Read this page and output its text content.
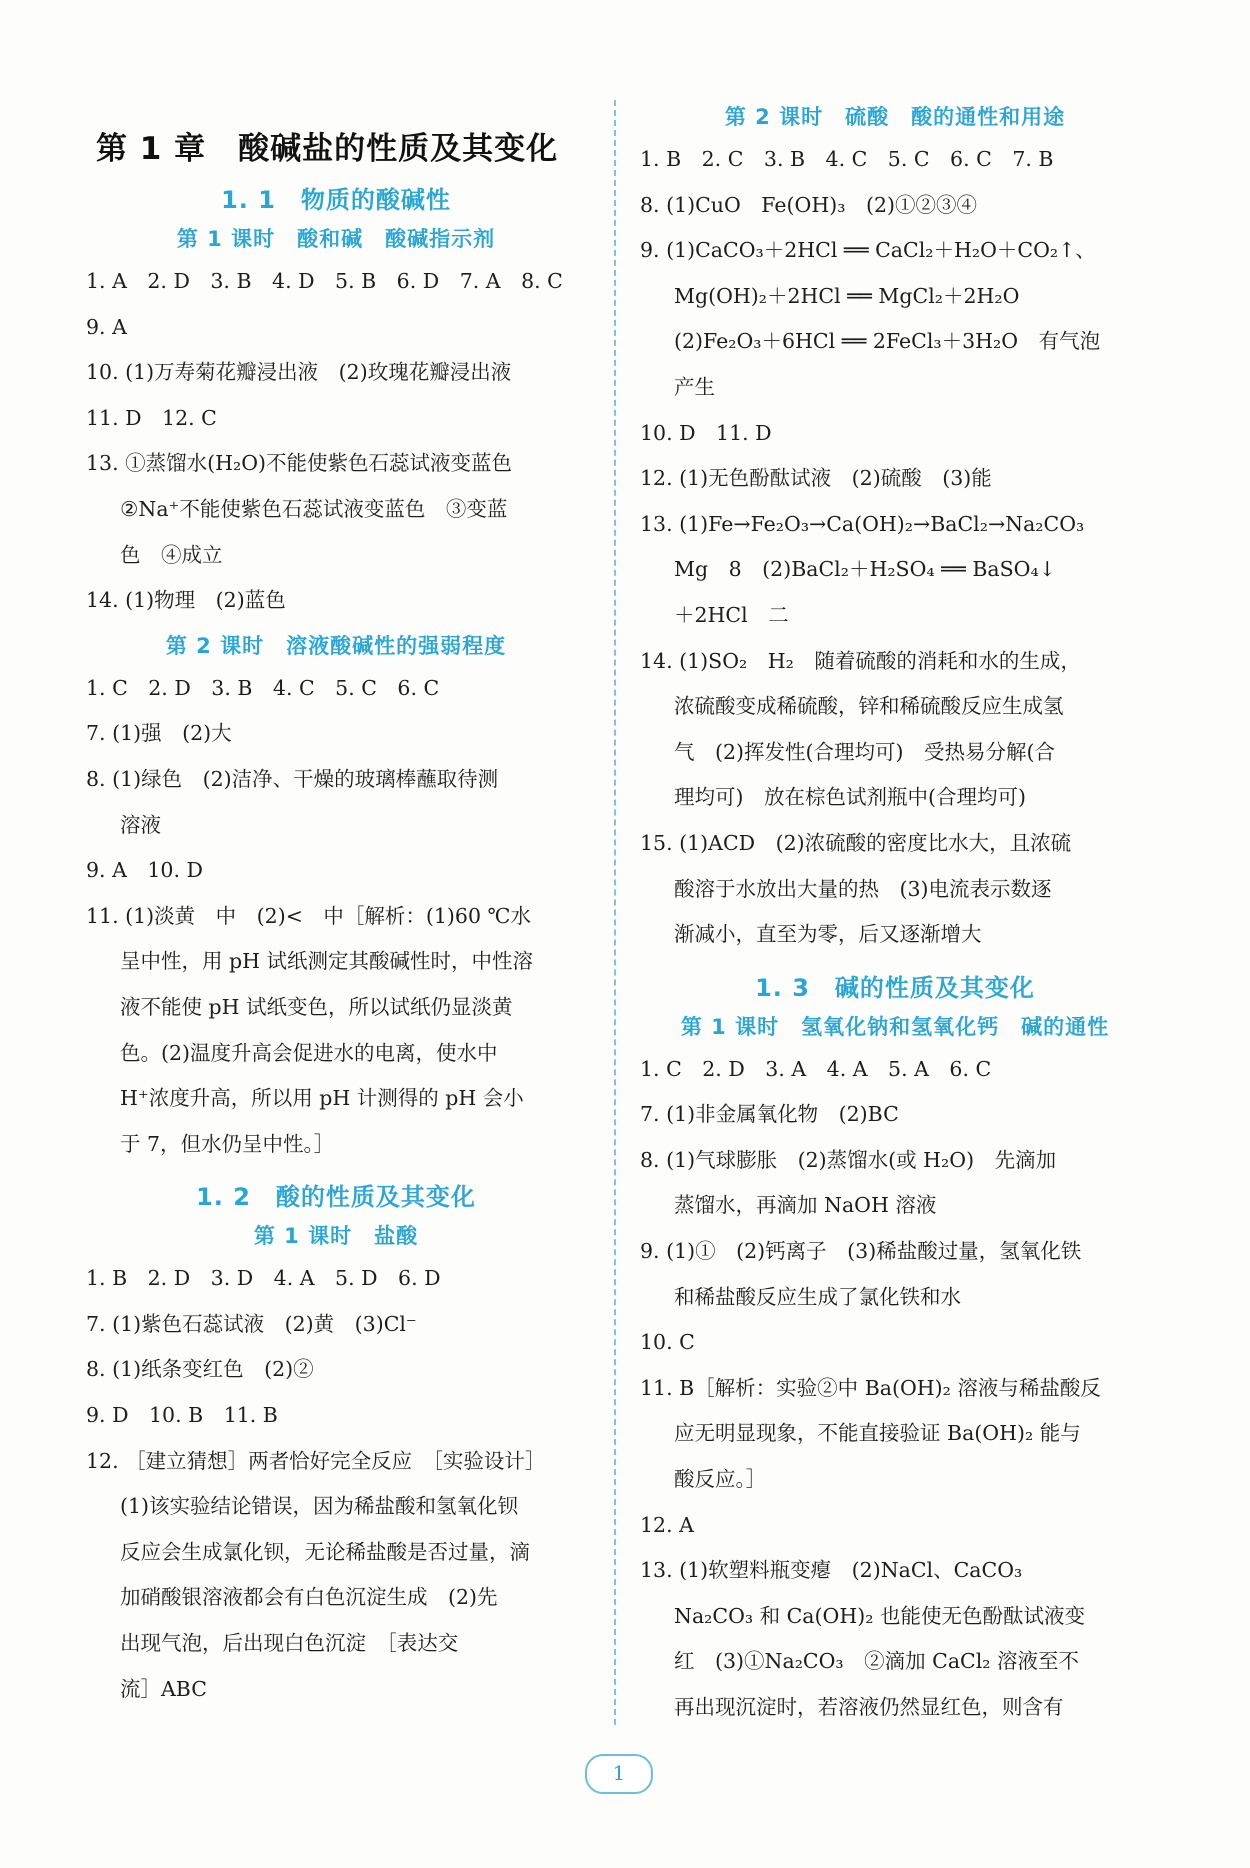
第 1 章　酸碱盐的性质及其变化
1. 1　物质的酸碱性
第 1 课时　酸和碱　酸碱指示剂
1. A　2. D　3. B　4. D　5. B　6. D　7. A　8. C
9. A
10. (1)万寿菊花瓣浸出液　(2)玫瑰花瓣浸出液
11. D　12. C
13. ①蒸馏水(H₂O)不能使紫色石蕊试液变蓝色
②Na⁺不能使紫色石蕊试液变蓝色　③变蓝
色　④成立
14. (1)物理　(2)蓝色
第 2 课时　溶液酸碱性的强弱程度
1. C　2. D　3. B　4. C　5. C　6. C
7. (1)强　(2)大
8. (1)绿色　(2)洁净、干燥的玻璃棒蘸取待测
溶液
9. A　10. D
11. (1)淡黄　中　(2)<　中［解析：(1)60 ℃水
呈中性，用 pH 试纸测定其酸碱性时，中性溶
液不能使 pH 试纸变色，所以试纸仍显淡黄
色。(2)温度升高会促进水的电离，使水中
H⁺浓度升高，所以用 pH 计测得的 pH 会小
于 7，但水仍呈中性。］
1. 2　酸的性质及其变化
第 1 课时　盐酸
1. B　2. D　3. D　4. A　5. D　6. D
7. (1)紫色石蕊试液　(2)黄　(3)Cl⁻
8. (1)纸条变红色　(2)②
9. D　10. B　11. B
12. ［建立猜想］两者恰好完全反应　［实验设计］
(1)该实验结论错误，因为稀盐酸和氢氧化钡
反应会生成氯化钡，无论稀盐酸是否过量，滴
加硝酸银溶液都会有白色沉淀生成　(2)先
出现气泡，后出现白色沉淀　［表达交
流］ABC
第 2 课时　硫酸　酸的通性和用途
1. B　2. C　3. B　4. C　5. C　6. C　7. B
8. (1)CuO　Fe(OH)₃　(2)①②③④
9. (1)CaCO₃＋2HCl ══ CaCl₂＋H₂O＋CO₂↑、
Mg(OH)₂＋2HCl ══ MgCl₂＋2H₂O
(2)Fe₂O₃＋6HCl ══ 2FeCl₃＋3H₂O　有气泡
产生
10. D　11. D
12. (1)无色酚酞试液　(2)硫酸　(3)能
13. (1)Fe→Fe₂O₃→Ca(OH)₂→BaCl₂→Na₂CO₃
Mg　8　(2)BaCl₂＋H₂SO₄ ══ BaSO₄↓
＋2HCl　二
14. (1)SO₂　H₂　随着硫酸的消耗和水的生成，
浓硫酸变成稀硫酸，锌和稀硫酸反应生成氢
气　(2)挥发性(合理均可)　受热易分解(合
理均可)　放在棕色试剂瓶中(合理均可)
15. (1)ACD　(2)浓硫酸的密度比水大，且浓硫
酸溶于水放出大量的热　(3)电流表示数逐
渐减小，直至为零，后又逐渐增大
1. 3　碱的性质及其变化
第 1 课时　氢氧化钠和氢氧化钙　碱的通性
1. C　2. D　3. A　4. A　5. A　6. C
7. (1)非金属氧化物　(2)BC
8. (1)气球膨胀　(2)蒸馏水(或 H₂O)　先滴加
蒸馏水，再滴加 NaOH 溶液
9. (1)①　(2)钙离子　(3)稀盐酸过量，氢氧化铁
和稀盐酸反应生成了氯化铁和水
10. C
11. B［解析：实验②中 Ba(OH)₂ 溶液与稀盐酸反
应无明显现象，不能直接验证 Ba(OH)₂ 能与
酸反应。］
12. A
13. (1)软塑料瓶变瘪　(2)NaCl、CaCO₃
Na₂CO₃ 和 Ca(OH)₂ 也能使无色酚酞试液变
红　(3)①Na₂CO₃　②滴加 CaCl₂ 溶液至不
再出现沉淀时，若溶液仍然显红色，则含有
1
